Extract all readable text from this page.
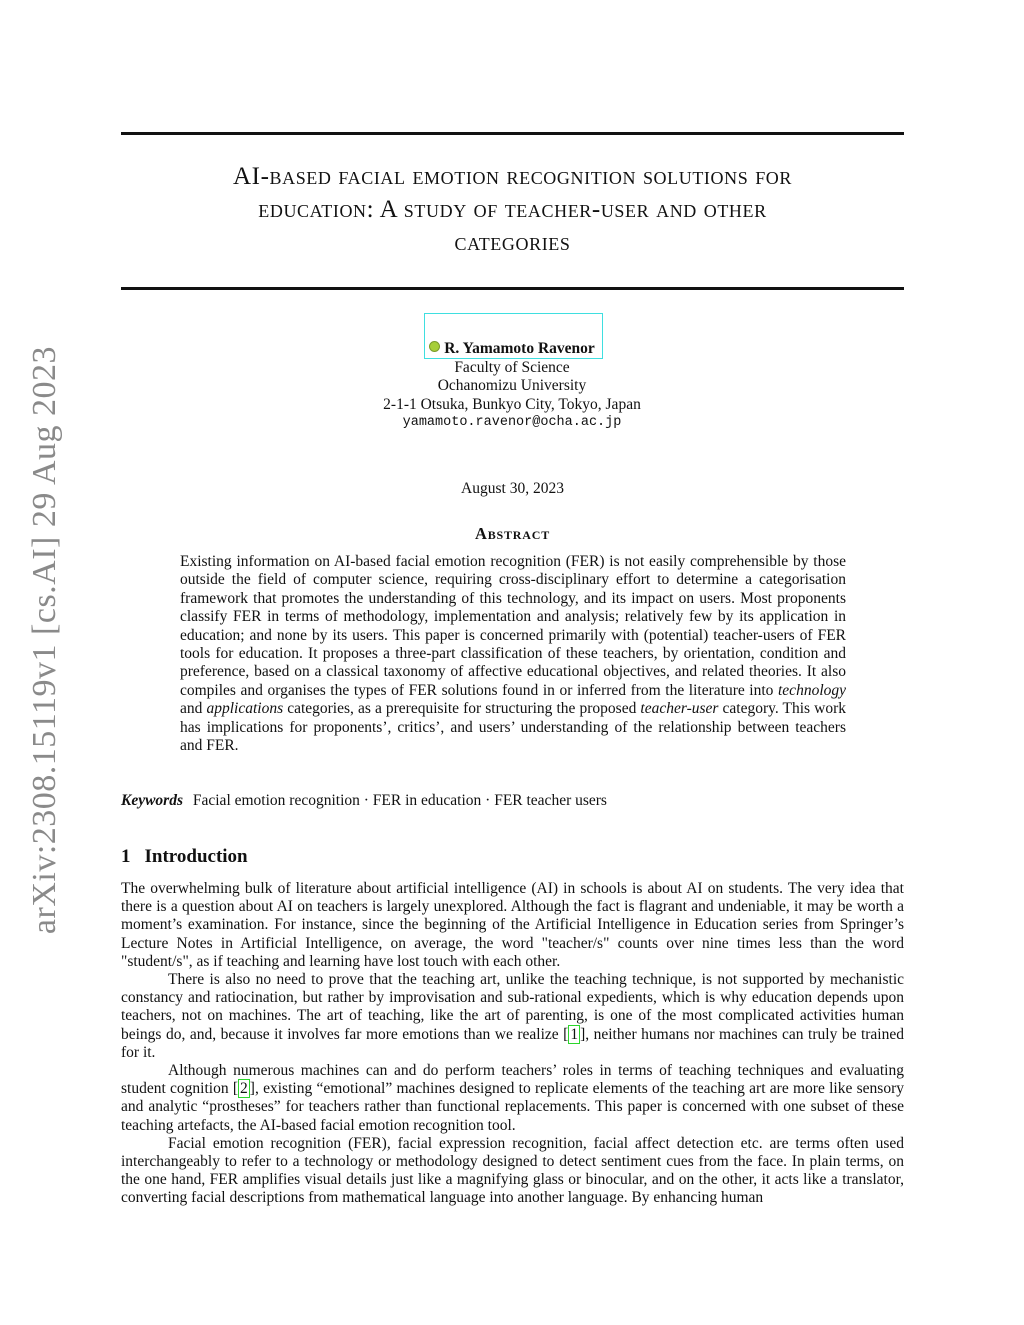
arXiv:2308.15119v1 [cs.AI] 29 Aug 2023
AI-based facial emotion recognition solutions for
education: A study of teacher-user and other
categories
R. Yamamoto Ravenor
Faculty of Science
Ochanomizu University
2-1-1 Otsuka, Bunkyo City, Tokyo, Japan
yamamoto.ravenor@ocha.ac.jp
August 30, 2023
Abstract
Existing information on AI-based facial emotion recognition (FER) is not easily comprehensible by those outside the field of computer science, requiring cross-disciplinary effort to determine a categorisation framework that promotes the understanding of this technology, and its impact on users. Most proponents classify FER in terms of methodology, implementation and analysis; relatively few by its application in education; and none by its users. This paper is concerned primarily with (potential) teacher-users of FER tools for education. It proposes a three-part classification of these teachers, by orientation, condition and preference, based on a classical taxonomy of affective educational objectives, and related theories. It also compiles and organises the types of FER solutions found in or inferred from the literature into technology and applications categories, as a prerequisite for structuring the proposed teacher-user category. This work has implications for proponents’, critics’, and users’ understanding of the relationship between teachers and FER.
Keywords Facial emotion recognition · FER in education · FER teacher users
1 Introduction

The overwhelming bulk of literature about artificial intelligence (AI) in schools is about AI on students. The very idea that there is a question about AI on teachers is largely unexplored. Although the fact is flagrant and undeniable, it may be worth a moment’s examination. For instance, since the beginning of the Artificial Intelligence in Education series from Springer’s Lecture Notes in Artificial Intelligence, on average, the word "teacher/s" counts over nine times less than the word "student/s", as if teaching and learning have lost touch with each other.

There is also no need to prove that the teaching art, unlike the teaching technique, is not supported by mechanistic constancy and ratiocination, but rather by improvisation and sub-rational expedients, which is why education depends upon teachers, not on machines. The art of teaching, like the art of parenting, is one of the most complicated activities human beings do, and, because it involves far more emotions than we realize [ 1 ], neither humans nor machines can truly be trained for it.

Although numerous machines can and do perform teachers’ roles in terms of teaching techniques and evaluating student cognition [ 2 ], existing “emotional” machines designed to replicate elements of the teaching art are more like sensory and analytic “prostheses” for teachers rather than functional replacements. This paper is concerned with one subset of these teaching artefacts, the AI-based facial emotion recognition tool.

Facial emotion recognition (FER), facial expression recognition, facial affect detection etc. are terms often used interchangeably to refer to a technology or methodology designed to detect sentiment cues from the face. In plain terms, on the one hand, FER amplifies visual details just like a magnifying glass or binocular, and on the other, it acts like a translator, converting facial descriptions from mathematical language into another language. By enhancing human
